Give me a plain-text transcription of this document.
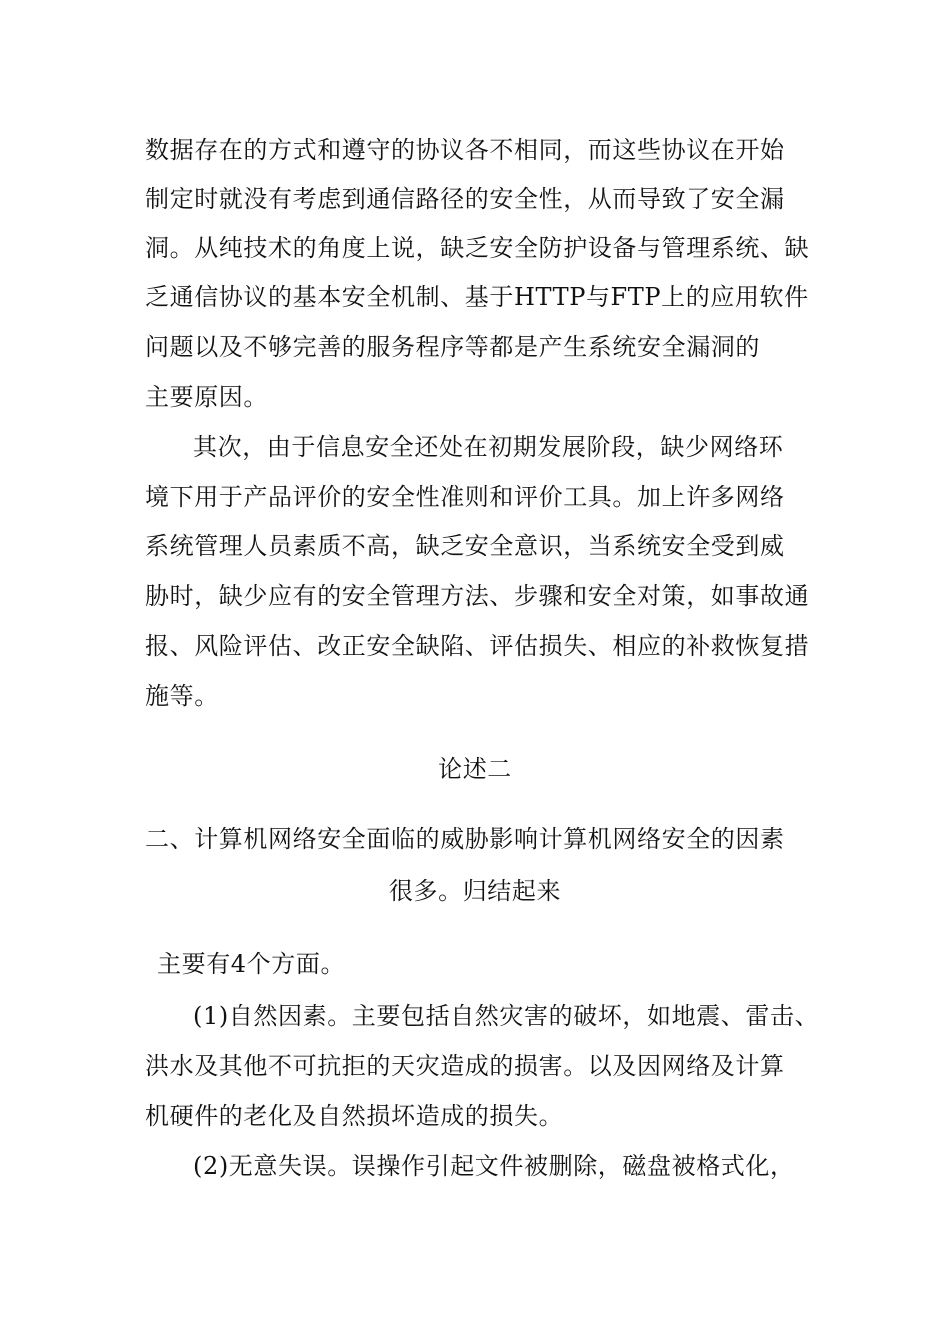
数据存在的方式和遵守的协议各不相同，而这些协议在开始
制定时就没有考虑到通信路径的安全性，从而导致了安全漏
洞。从纯技术的角度上说，缺乏安全防护设备与管理系统、缺
乏通信协议的基本安全机制、基于HTTP与FTP上的应用软件
问题以及不够完善的服务程序等都是产生系统安全漏洞的
主要原因。
其次，由于信息安全还处在初期发展阶段，缺少网络环
境下用于产品评价的安全性准则和评价工具。加上许多网络
系统管理人员素质不高，缺乏安全意识，当系统安全受到威
胁时，缺少应有的安全管理方法、步骤和安全对策，如事故通
报、风险评估、改正安全缺陷、评估损失、相应的补救恢复措
施等。
论述二
二、计算机网络安全面临的威胁影响计算机网络安全的因素
很多。归结起来
主要有4个方面。
(1)自然因素。主要包括自然灾害的破坏，如地震、雷击、
洪水及其他不可抗拒的天灾造成的损害。以及因网络及计算
机硬件的老化及自然损坏造成的损失。
(2)无意失误。误操作引起文件被删除，磁盘被格式化，
